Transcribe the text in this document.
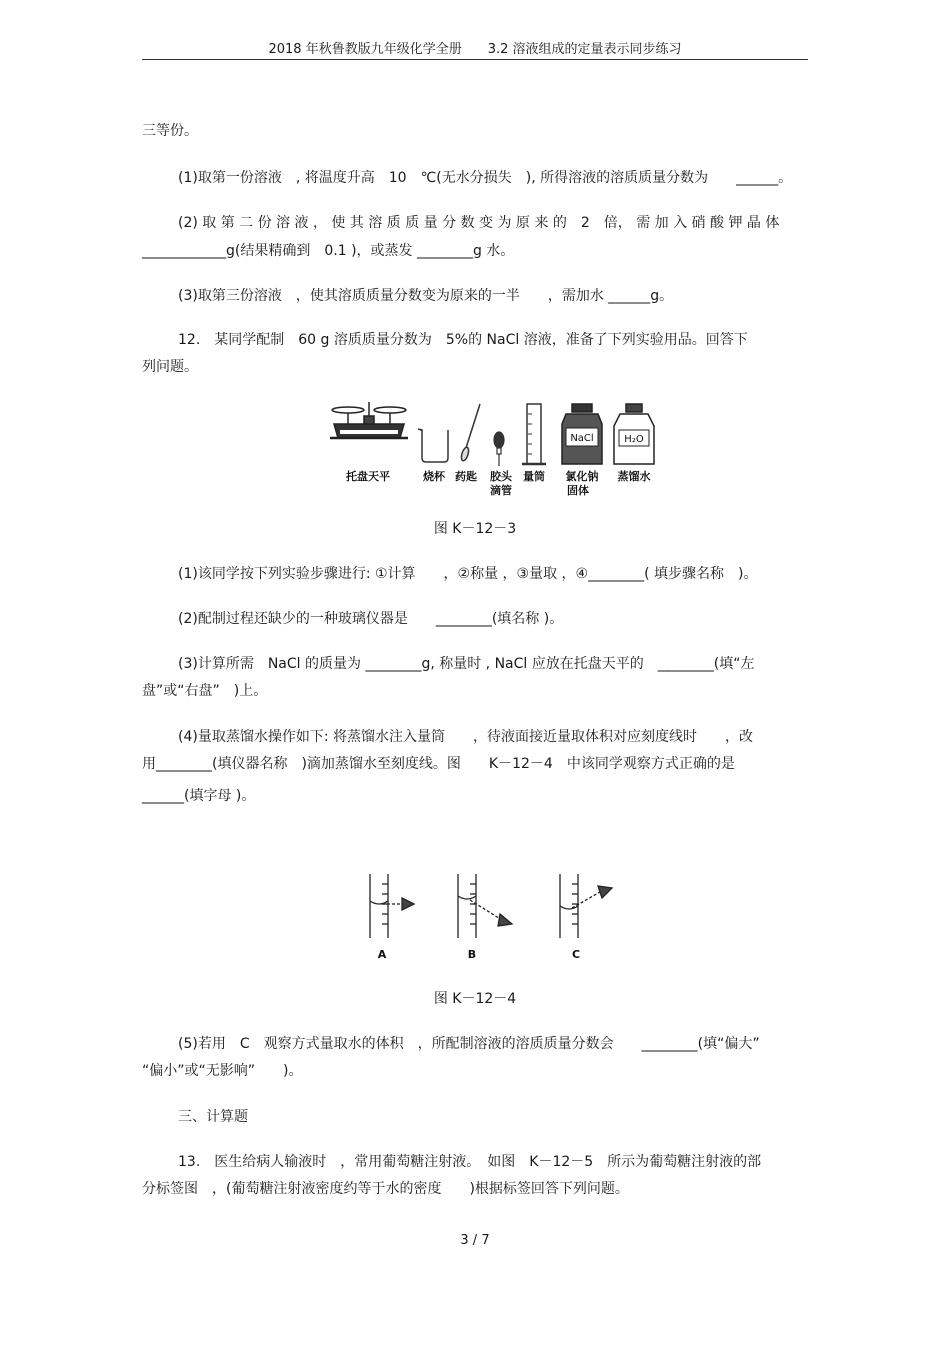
2018 年秋鲁教版九年级化学全册　　3.2 溶液组成的定量表示同步练习
三等份。
(1)取第一份溶液　, 将温度升高　10　℃(无水分损失　), 所得溶液的溶质质量分数为　　______。
(2) 取 第 二 份 溶 液 ， 使 其 溶 质 质 量 分 数 变 为 原 来 的　2　倍， 需 加 入 硝 酸 钾 晶 体
____________g(结果精确到　0.1 )，或蒸发 ________g 水。
(3)取第三份溶液　，使其溶质质量分数变为原来的一半　　，需加水 ______g。
12.　某同学配制　60 g 溶质质量分数为　5%的 NaCl 溶液，准备了下列实验用品。回答下
列问题。
NaCl	H₂O
托盘天平	烧杯 药匙 胶头
滴管
量筒 氯化钠
固体
蒸馏水
图 K－12－3
(1)该同学按下列实验步骤进行: ①计算　　，②称量 ，③量取 ，④________( 填步骤名称　)。
(2)配制过程还缺少的一种玻璃仪器是　　________(填名称 )。
(3)计算所需　NaCl 的质量为 ________g, 称量时 , NaCl 应放在托盘天平的　________(填“左
盘”或“右盘”　)上。
(4)量取蒸馏水操作如下: 将蒸馏水注入量筒　　，待液面接近量取体积对应刻度线时　　，改
用________(填仪器名称　)滴加蒸馏水至刻度线。图　　K－12－4　中该同学观察方式正确的是
______(填字母 )。
A	B	C
图 K－12－4
(5)若用　C　观察方式量取水的体积　，所配制溶液的溶质质量分数会　　________(填“偏大”
“偏小”或“无影响”　　)。
三、计算题
13.　医生给病人输液时　，常用葡萄糖注射液。　如图　K－12－5　所示为葡萄糖注射液的部
分标签图　，(葡萄糖注射液密度约等于水的密度　　)根据标签回答下列问题。
3 / 7
